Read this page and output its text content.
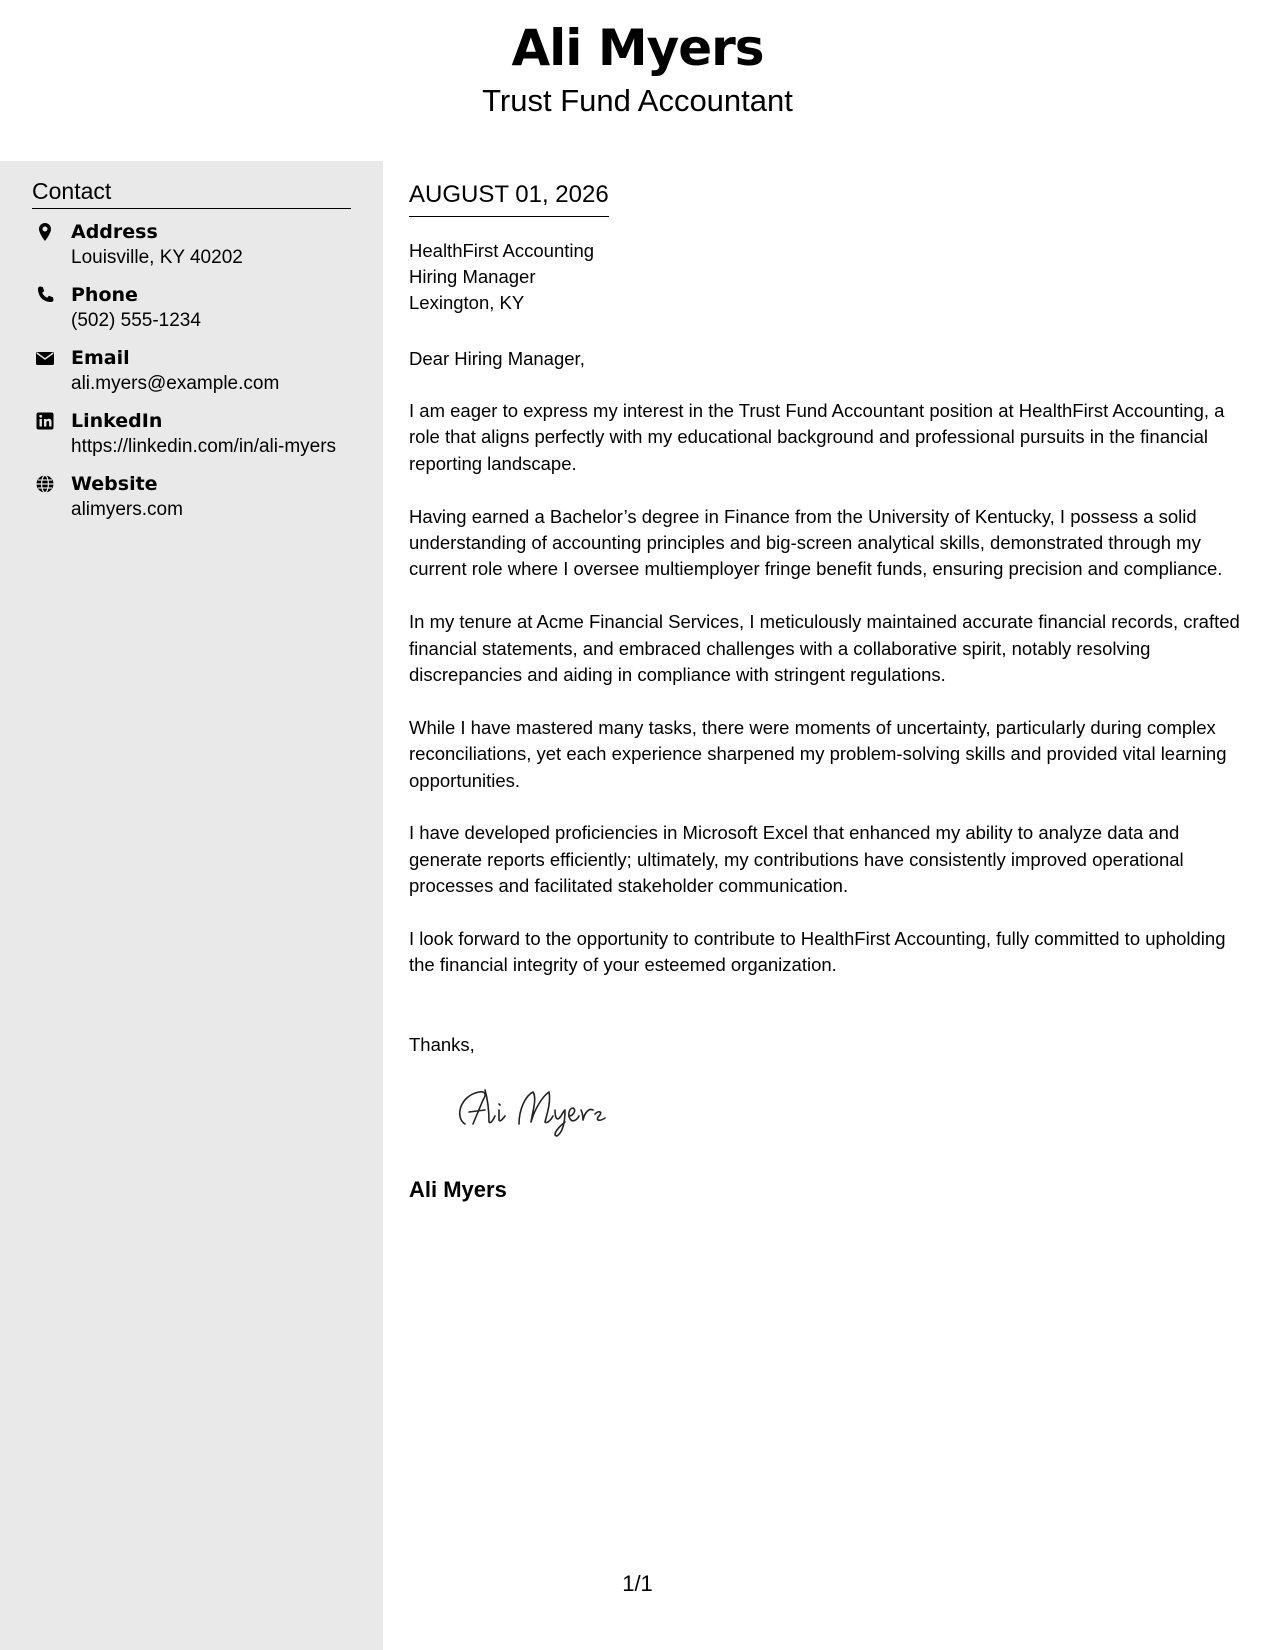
Ali Myers
Trust Fund Accountant
Contact
Address
Louisville, KY 40202
Phone
(502) 555-1234
Email
ali.myers@example.com
LinkedIn
https://linkedin.com/in/ali-myers
Website
alimyers.com
AUGUST 01, 2026
HealthFirst Accounting
Hiring Manager
Lexington, KY
Dear Hiring Manager,

I am eager to express my interest in the Trust Fund Accountant position at HealthFirst Accounting, a role that aligns perfectly with my educational background and professional pursuits in the financial reporting landscape.

Having earned a Bachelor’s degree in Finance from the University of Kentucky, I possess a solid understanding of accounting principles and big-screen analytical skills, demonstrated through my current role where I oversee multiemployer fringe benefit funds, ensuring precision and compliance.

In my tenure at Acme Financial Services, I meticulously maintained accurate financial records, crafted financial statements, and embraced challenges with a collaborative spirit, notably resolving discrepancies and aiding in compliance with stringent regulations.

While I have mastered many tasks, there were moments of uncertainty, particularly during complex reconciliations, yet each experience sharpened my problem-solving skills and provided vital learning opportunities.

I have developed proficiencies in Microsoft Excel that enhanced my ability to analyze data and generate reports efficiently; ultimately, my contributions have consistently improved operational processes and facilitated stakeholder communication.

I look forward to the opportunity to contribute to HealthFirst Accounting, fully committed to upholding the financial integrity of your esteemed organization.

Thanks,
Ali Myers
1/1
